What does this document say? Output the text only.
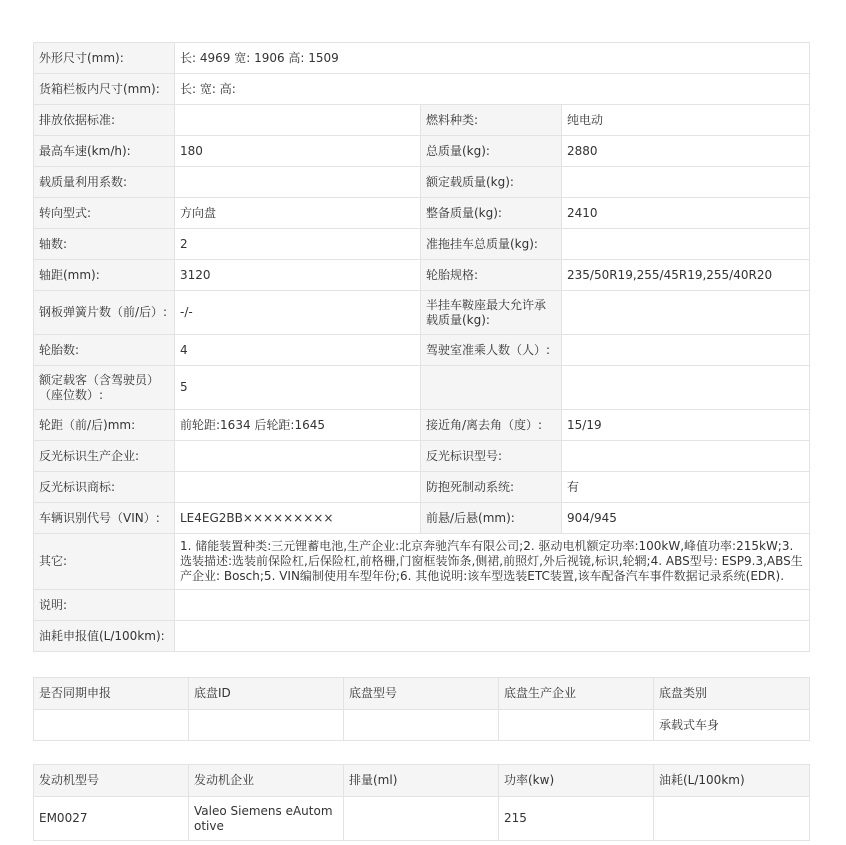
外形尺寸(mm):	长: 4969 宽: 1906 高: 1509		
货箱栏板内尺寸(mm):	长: 宽: 高:		
排放依据标准:		燃料种类:	纯电动
最高车速(km/h):	180	总质量(kg):	2880
载质量利用系数:		额定载质量(kg):	
转向型式:	方向盘	整备质量(kg):	2410
轴数:	2	准拖挂车总质量(kg):	
轴距(mm):	3120	轮胎规格:	235/50R19,255/45R19,255/40R20
钢板弹簧片数（前/后）:	-/-	半挂车鞍座最大允许承载质量(kg):	
轮胎数:	4	驾驶室准乘人数（人）:	
额定载客（含驾驶员）（座位数）:	5		
轮距（前/后)mm:	前轮距:1634 后轮距:1645	接近角/离去角（度）:	15/19
反光标识生产企业:		反光标识型号:	
反光标识商标:		防抱死制动系统:	有
车辆识别代号（VIN）:	LE4EG2BB×××××××××	前悬/后悬(mm):	904/945
其它:	1. 储能装置种类:三元锂蓄电池,生产企业:北京奔驰汽车有限公司;2. 驱动电机额定功率:100kW,峰值功率:215kW;3. 选装描述:选装前保险杠,后保险杠,前格栅,门窗框装饰条,侧裙,前照灯,外后视镜,标识,轮辋;4. ABS型号: ESP9.3,ABS生产企业: Bosch;5. VIN编制使用车型年份;6. 其他说明:该车型选装ETC装置,该车配备汽车事件数据记录系统(EDR).		
说明:			
油耗申报值(L/100km):			
是否同期申报	底盘ID	底盘型号	底盘生产企业	底盘类别
				承载式车身
发动机型号	发动机企业	排量(ml)	功率(kw)	油耗(L/100km)
EM0027	Valeo Siemens eAutomotive		215	
